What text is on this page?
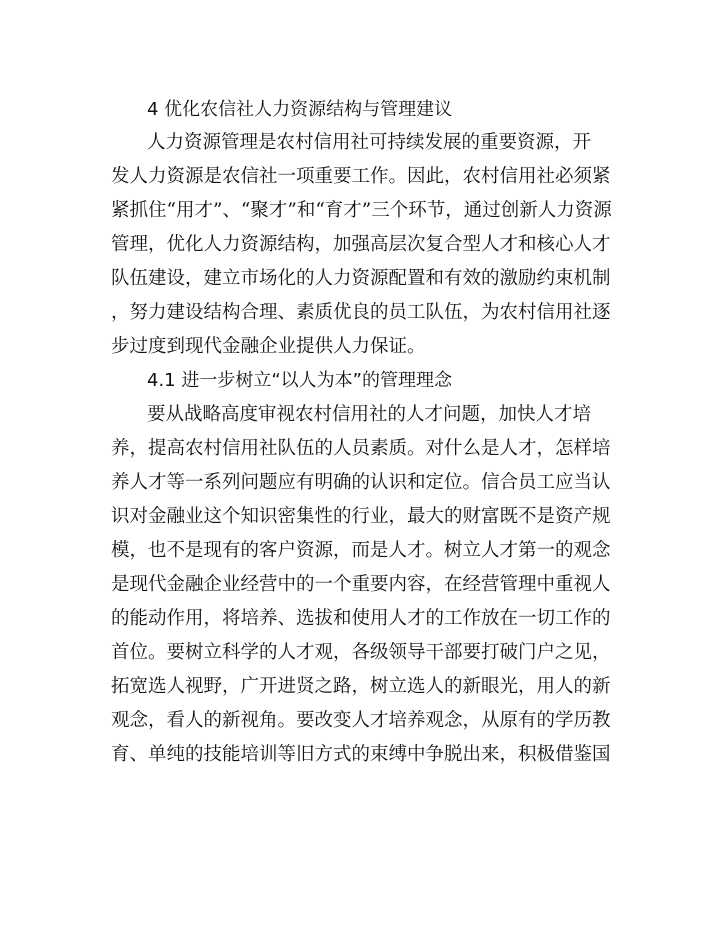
4 优化农信社人力资源结构与管理建议
人力资源管理是农村信用社可持续发展的重要资源，开
发人力资源是农信社一项重要工作。因此，农村信用社必须紧
紧抓住“用才”、“聚才”和“育才”三个环节，通过创新人力资源
管理，优化人力资源结构，加强高层次复合型人才和核心人才
队伍建设，建立市场化的人力资源配置和有效的激励约束机制
，努力建设结构合理、素质优良的员工队伍，为农村信用社逐
步过度到现代金融企业提供人力保证。
4.1 进一步树立“以人为本”的管理理念
要从战略高度审视农村信用社的人才问题，加快人才培
养，提高农村信用社队伍的人员素质。对什么是人才，怎样培
养人才等一系列问题应有明确的认识和定位。信合员工应当认
识对金融业这个知识密集性的行业，最大的财富既不是资产规
模，也不是现有的客户资源，而是人才。树立人才第一的观念
是现代金融企业经营中的一个重要内容，在经营管理中重视人
的能动作用，将培养、选拔和使用人才的工作放在一切工作的
首位。要树立科学的人才观，各级领导干部要打破门户之见，
拓宽选人视野，广开进贤之路，树立选人的新眼光，用人的新
观念，看人的新视角。要改变人才培养观念，从原有的学历教
育、单纯的技能培训等旧方式的束缚中争脱出来，积极借鉴国
